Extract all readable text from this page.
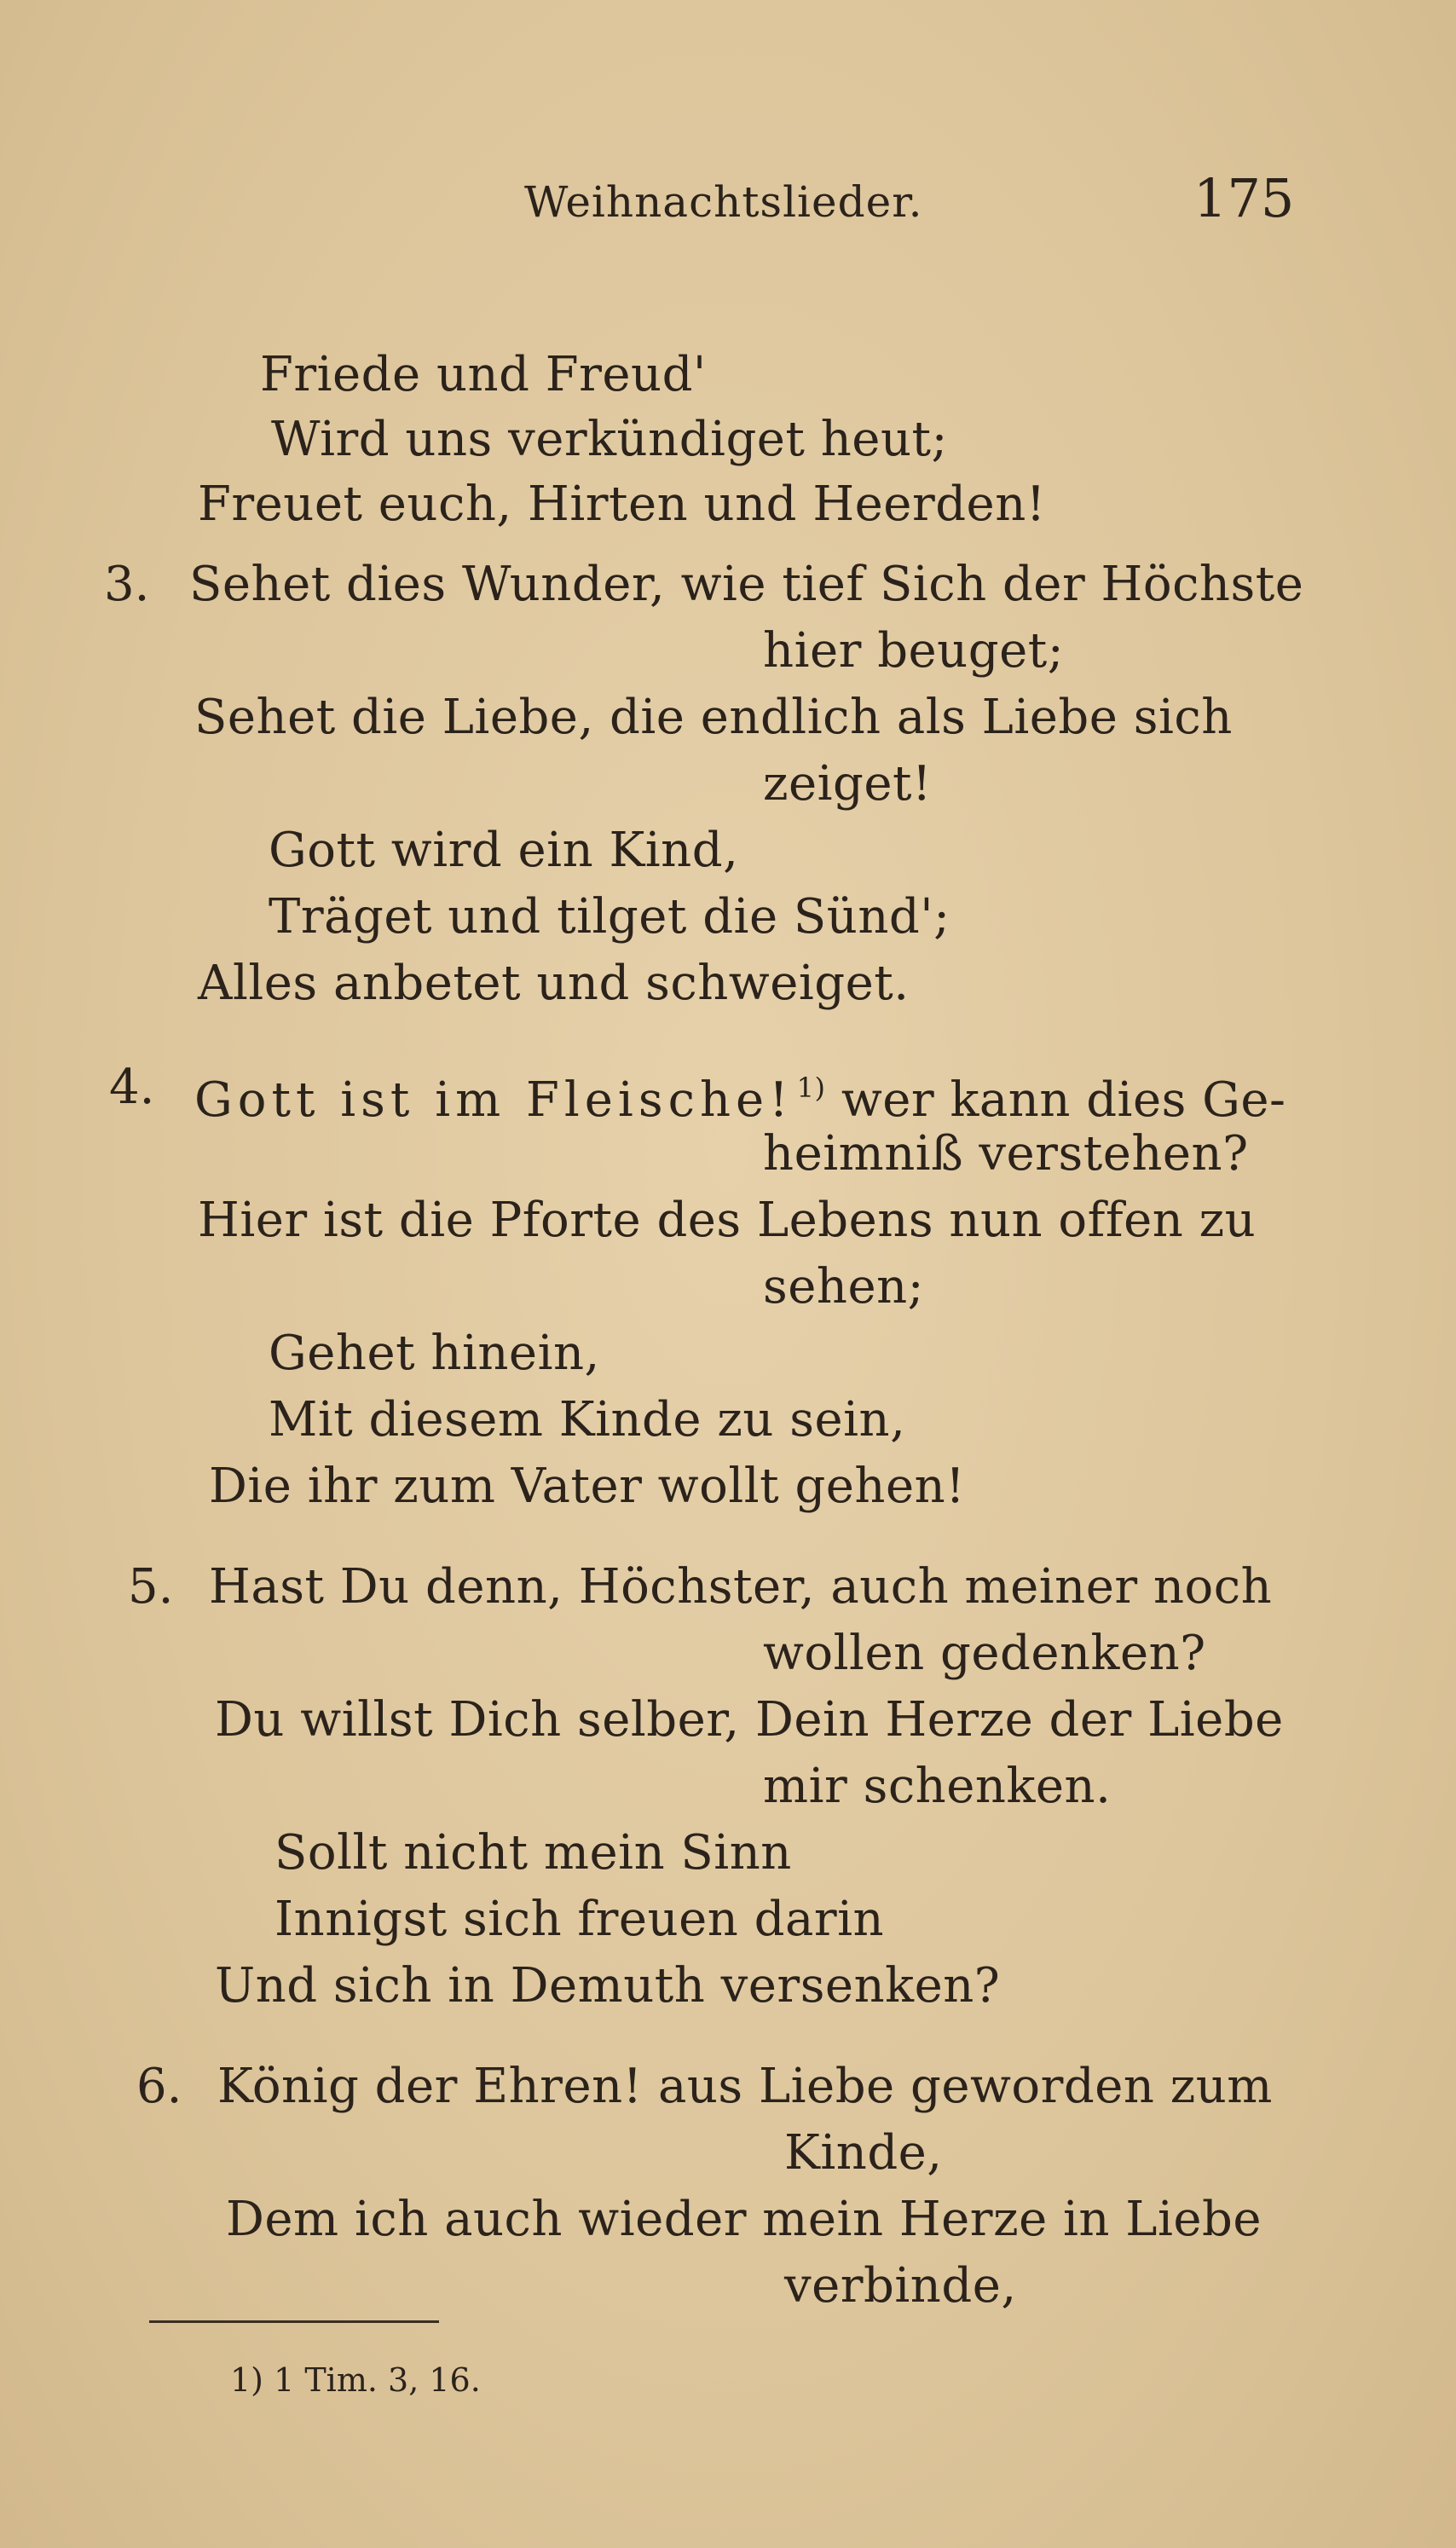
Weihnachtslieder.	175
Friede und Freud'
Wird uns verkündiget heut;
Freuet euch, Hirten und Heerden!
3. Sehet dies Wunder, wie tief Sich der Höchste
hier beuget;
Sehet die Liebe, die endlich als Liebe sich
zeiget!
Gott wird ein Kind,
Träget und tilget die Sünd';
Alles anbetet und schweiget.
4. Gott ist im Fleische! $^{1)}$ wer kann dies Ge-
heimniß verstehen?
Hier ist die Pforte des Lebens nun offen zu
sehen;
Gehet hinein,
Mit diesem Kinde zu sein,
Die ihr zum Vater wollt gehen!
5. Hast Du denn, Höchster, auch meiner noch
wollen gedenken?
Du willst Dich selber, Dein Herze der Liebe
mir schenken.
Sollt nicht mein Sinn
Innigst sich freuen darin
Und sich in Demuth versenken?
6. König der Ehren! aus Liebe geworden zum
Kinde,
Dem ich auch wieder mein Herze in Liebe
verbinde,
1) 1 Tim. 3, 16.
